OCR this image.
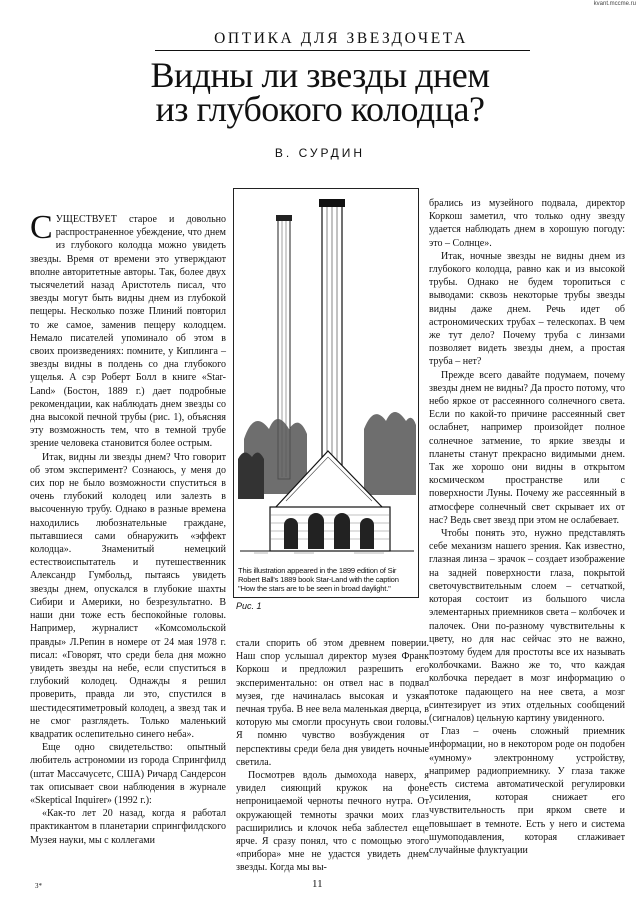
kvant.mccme.ru
ОПТИКА ДЛЯ ЗВЕЗДОЧЕТА
Видны ли звезды днем из глубокого колодца?
В. СУРДИН

СУЩЕСТВУЕТ старое и довольно распространенное убеждение, что днем из глубокого колодца можно увидеть звезды. Время от времени это утверждают вполне авторитетные авторы. Так, более двух тысячелетий назад Аристотель писал, что звезды могут быть видны днем из глубокой пещеры. Несколько позже Плиний повторил то же самое, заменив пещеру колодцем. Немало писателей упоминало об этом в своих произведениях: помните, у Киплинга – звезды видны в полдень со дна глубокого ущелья. А сэр Роберт Болл в книге «Star-Land» (Бостон, 1889 г.) дает подробные рекомендации, как наблюдать днем звезды со дна высокой печной трубы (рис. 1), объясняя эту возможность тем, что в темной трубе зрение человека становится более острым.

Итак, видны ли звезды днем? Что говорит об этом эксперимент? Сознаюсь, у меня до сих пор не было возможности спуститься в очень глубокий колодец или залезть в высоченную трубу. Однако в разные времена находились любознательные граждане, пытавшиеся сами обнаружить «эффект колодца». Знаменитый немецкий естествоиспытатель и путешественник Александр Гумбольд, пытаясь увидеть звезды днем, опускался в глубокие шахты Сибири и Америки, но безрезультатно. В наши дни тоже есть беспокойные головы. Например, журналист «Комсомольской правды» Л.Репин в номере от 24 мая 1978 г. писал: «Говорят, что среди бела дня можно увидеть звезды на небе, если спуститься в глубокий колодец. Однажды я решил проверить, правда ли это, спустился в шестидесятиметровый колодец, а звезд так и не смог разглядеть. Только маленький квадратик ослепительно синего неба».

Еще одно свидетельство: опытный любитель астрономии из города Спрингфилд (штат Массачусетс, США) Ричард Сандерсон так описывает свои наблюдения в журнале «Skeptical Inquirer» (1992 г.):

«Как-то лет 20 назад, когда я работал практикантом в планетарии спрингфилдского Музея науки, мы с коллегами

This illustration appeared in the 1899 edition of Sir Robert Ball's 1889 book Star-Land with the caption "How the stars are to be seen in broad daylight."
Рис. 1

стали спорить об этом древнем поверии. Наш спор услышал директор музея Франк Коркош и предложил разрешить его экспериментально: он отвел нас в подвал музея, где начиналась высокая и узкая печная труба. В нее вела маленькая дверца, в которую мы смогли просунуть свои головы. Я помню чувство возбуждения от перспективы среди бела дня увидеть ночные светила.

Посмотрев вдоль дымохода наверх, я увидел сияющий кружок на фоне непроницаемой черноты печного нутра. От окружающей темноты зрачки моих глаз расширились и клочок неба заблестел еще ярче. Я сразу понял, что с помощью этого «прибора» мне не удастся увидеть днем звезды. Когда мы вы-

брались из музейного подвала, директор Коркош заметил, что только одну звезду удается наблюдать днем в хорошую погоду: это – Солнце».

Итак, ночные звезды не видны днем из глубокого колодца, равно как и из высокой трубы. Однако не будем торопиться с выводами: сквозь некоторые трубы звезды видны даже днем. Речь идет об астрономических трубах – телескопах. В чем же тут дело? Почему труба с линзами позволяет видеть звезды днем, а простая труба – нет?

Прежде всего давайте подумаем, почему звезды днем не видны? Да просто потому, что небо яркое от рассеянного солнечного света. Если по какой-то причине рассеянный свет ослабнет, например произойдет полное солнечное затмение, то яркие звезды и планеты станут прекрасно видимыми днем. Так же хорошо они видны в открытом космическом пространстве или с поверхности Луны. Почему же рассеянный в атмосфере солнечный свет скрывает их от нас? Ведь свет звезд при этом не ослабевает.

Чтобы понять это, нужно представлять себе механизм нашего зрения. Как известно, глазная линза – зрачок – создает изображение на задней поверхности глаза, покрытой светочувствительным слоем – сетчаткой, которая состоит из большого числа элементарных приемников света – колбочек и палочек. Они по-разному чувствительны к цвету, но для нас сейчас это не важно, поэтому будем для простоты все их называть колбочками. Важно же то, что каждая колбочка передает в мозг информацию о потоке падающего на нее света, а мозг синтезирует из этих отдельных сообщений (сигналов) цельную картину увиденного.

Глаз – очень сложный приемник информации, но в некотором роде он подобен «умному» электронному устройству, например радиоприемнику. У глаза также есть система автоматической регулировки усиления, которая снижает его чувствительность при ярком свете и повышает в темноте. Есть у него и система шумоподавления, которая сглаживает случайные флуктуации

11
3*
